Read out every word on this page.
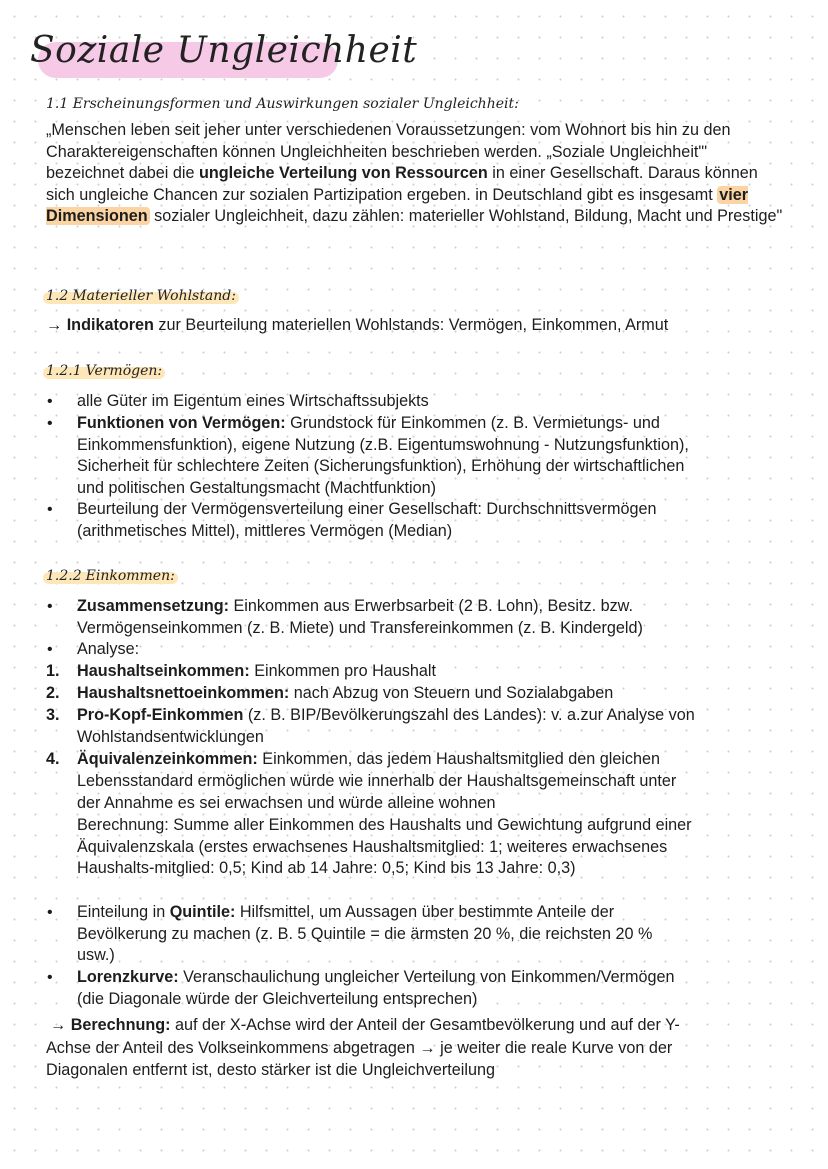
Soziale Ungleichheit
1.1 Erscheinungsformen und Auswirkungen sozialer Ungleichheit:
„Menschen leben seit jeher unter verschiedenen Voraussetzungen: vom Wohnort bis hin zu den Charaktereigenschaften können Ungleichheiten beschrieben werden. „Soziale Ungleichheit"' bezeichnet dabei die ungleiche Verteilung von Ressourcen in einer Gesellschaft. Daraus können sich ungleiche Chancen zur sozialen Partizipation ergeben. in Deutschland gibt es insgesamt vier Dimensionen sozialer Ungleichheit, dazu zählen: materieller Wohlstand, Bildung, Macht und Prestige"
1.2 Materieller Wohlstand:
→ Indikatoren zur Beurteilung materiellen Wohlstands: Vermögen, Einkommen, Armut
1.2.1 Vermögen:
• alle Güter im Eigentum eines Wirtschaftssubjekts
• Funktionen von Vermögen: Grundstock für Einkommen (z. B. Vermietungs- und
Einkommensfunktion), eigene Nutzung (z.B. Eigentumswohnung - Nutzungsfunktion),
Sicherheit für schlechtere Zeiten (Sicherungsfunktion), Erhöhung der wirtschaftlichen
und politischen Gestaltungsmacht (Machtfunktion)
• Beurteilung der Vermögensverteilung einer Gesellschaft: Durchschnittsvermögen
(arithmetisches Mittel), mittleres Vermögen (Median)
1.2.2 Einkommen:
• Zusammensetzung: Einkommen aus Erwerbsarbeit (2 B. Lohn), Besitz. bzw.
Vermögenseinkommen (z. B. Miete) und Transfereinkommen (z. B. Kindergeld)
• Analyse:
1. Haushaltseinkommen: Einkommen pro Haushalt
2. Haushaltsnettoeinkommen: nach Abzug von Steuern und Sozialabgaben
3. Pro-Kopf-Einkommen (z. B. BIP/Bevölkerungszahl des Landes): v. a.zur Analyse von
Wohlstandsentwicklungen
4. Äquivalenzeinkommen: Einkommen, das jedem Haushaltsmitglied den gleichen
Lebensstandard ermöglichen würde wie innerhalb der Haushaltsgemeinschaft unter
der Annahme es sei erwachsen und würde alleine wohnen
Berechnung: Summe aller Einkommen des Haushalts und Gewichtung aufgrund einer
Äquivalenzskala (erstes erwachsenes Haushaltsmitglied: 1; weiteres erwachsenes
Haushalts-mitglied: 0,5; Kind ab 14 Jahre: 0,5; Kind bis 13 Jahre: 0,3)
• Einteilung in Quintile: Hilfsmittel, um Aussagen über bestimmte Anteile der
Bevölkerung zu machen (z. B. 5 Quintile = die ärmsten 20 %, die reichsten 20 %
usw.)
• Lorenzkurve: Veranschaulichung ungleicher Verteilung von Einkommen/Vermögen
(die Diagonale würde der Gleichverteilung entsprechen)
→ Berechnung: auf der X-Achse wird der Anteil der Gesamtbevölkerung und auf der Y-
Achse der Anteil des Volkseinkommens abgetragen → je weiter die reale Kurve von der
Diagonalen entfernt ist, desto stärker ist die Ungleichverteilung
